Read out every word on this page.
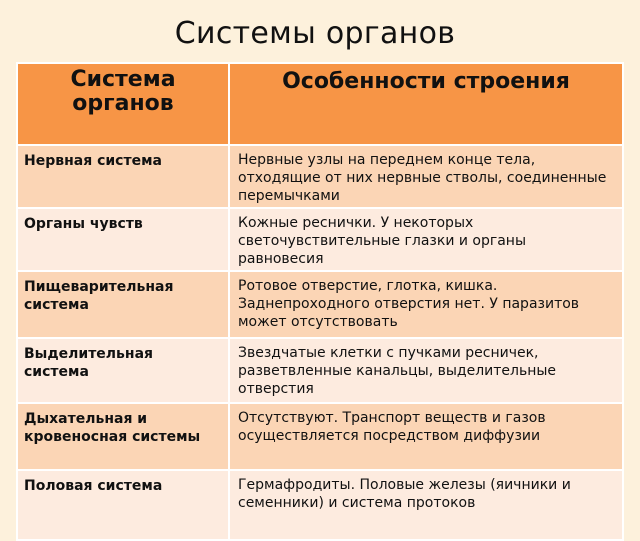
Системы органов
Система органов	Особенности строения
Нервная система	Нервные узлы на переднем конце тела, отходящие от них нервные стволы, соединенные перемычками
Органы чувств	Кожные реснички. У некоторых светочувствительные глазки и органы равновесия
Пищеварительная система	Ротовое отверстие, глотка, кишка. Заднепроходного отверстия нет. У паразитов может отсутствовать
Выделительная система	Звездчатые клетки с пучками ресничек, разветвленные канальцы, выделительные отверстия
Дыхательная и кровеносная системы	Отсутствуют. Транспорт веществ и газов осуществляется посредством диффузии
Половая система	Гермафродиты. Половые железы (яичники и семенники) и система протоков
